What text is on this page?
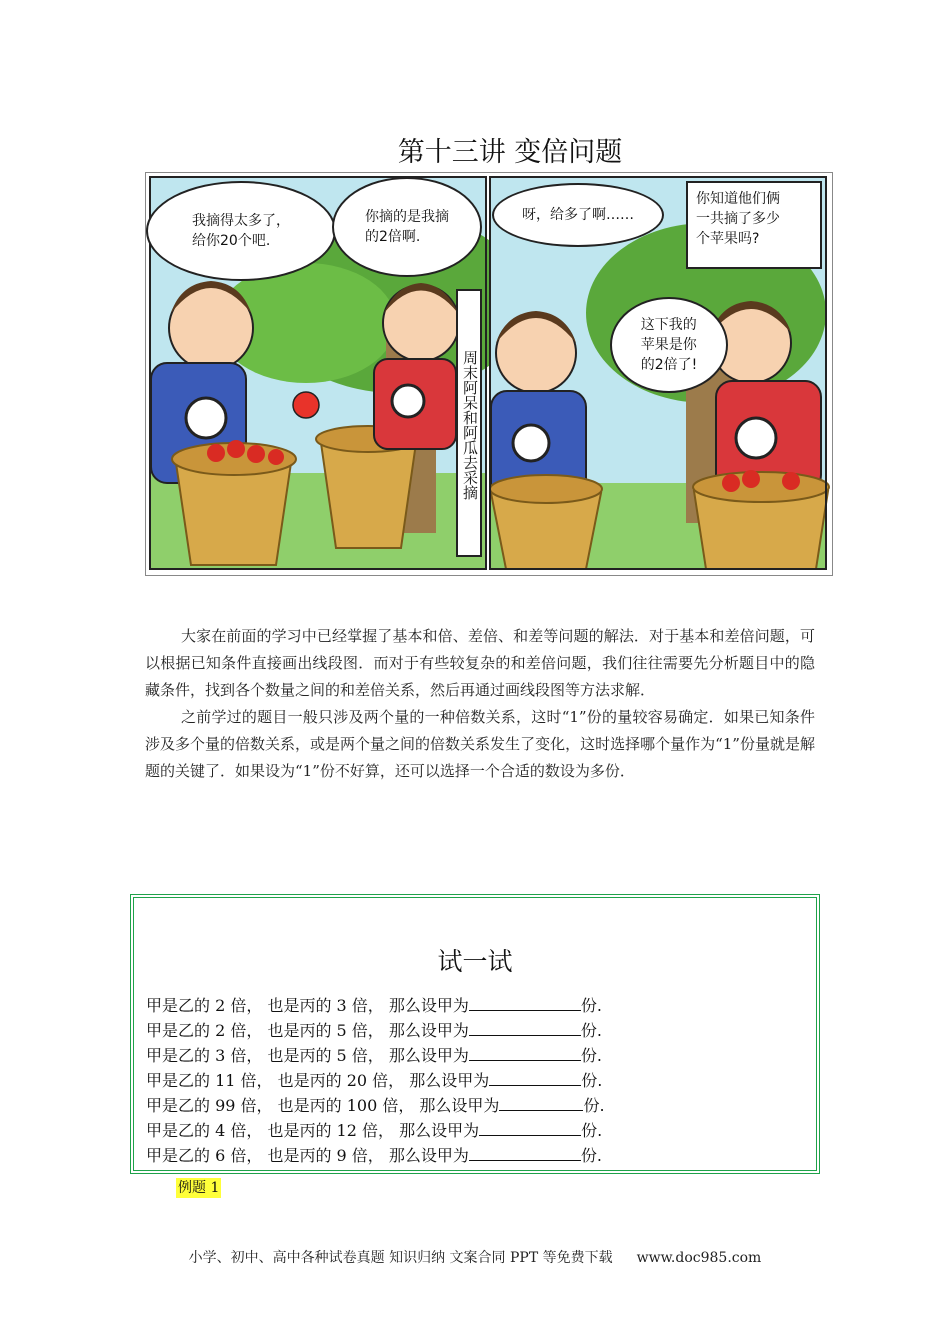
第十三讲 变倍问题
我摘得太多了，
给你20个吧.
你摘的是我摘
的2倍啊.
呀，给多了啊……
你知道他们俩
一共摘了多少
个苹果吗?
这下我的
苹果是你
的2倍了!
周末阿呆和阿瓜去采摘

大家在前面的学习中已经掌握了基本和倍、差倍、和差等问题的解法．对于基本和差倍问题，可以根据已知条件直接画出线段图．而对于有些较复杂的和差倍问题，我们往往需要先分析题目中的隐藏条件，找到各个数量之间的和差倍关系，然后再通过画线段图等方法求解．

之前学过的题目一般只涉及两个量的一种倍数关系，这时“1”份的量较容易确定．如果已知条件涉及多个量的倍数关系，或是两个量之间的倍数关系发生了变化，这时选择哪个量作为“1”份量就是解题的关键了．如果设为“1”份不好算，还可以选择一个合适的数设为多份．

试一试
甲是乙的 2 倍， 也是丙的 3 倍， 那么设甲为	份.
甲是乙的 2 倍， 也是丙的 5 倍， 那么设甲为	份.
甲是乙的 3 倍， 也是丙的 5 倍， 那么设甲为	份.
甲是乙的 11 倍， 也是丙的 20 倍， 那么设甲为	份.
甲是乙的 99 倍， 也是丙的 100 倍， 那么设甲为	份.
甲是乙的 4 倍， 也是丙的 12 倍， 那么设甲为	份.
甲是乙的 6 倍， 也是丙的 9 倍， 那么设甲为	份.
例题 1
小学、初中、高中各种试卷真题 知识归纳 文案合同 PPT 等免费下载 www.doc985.com
